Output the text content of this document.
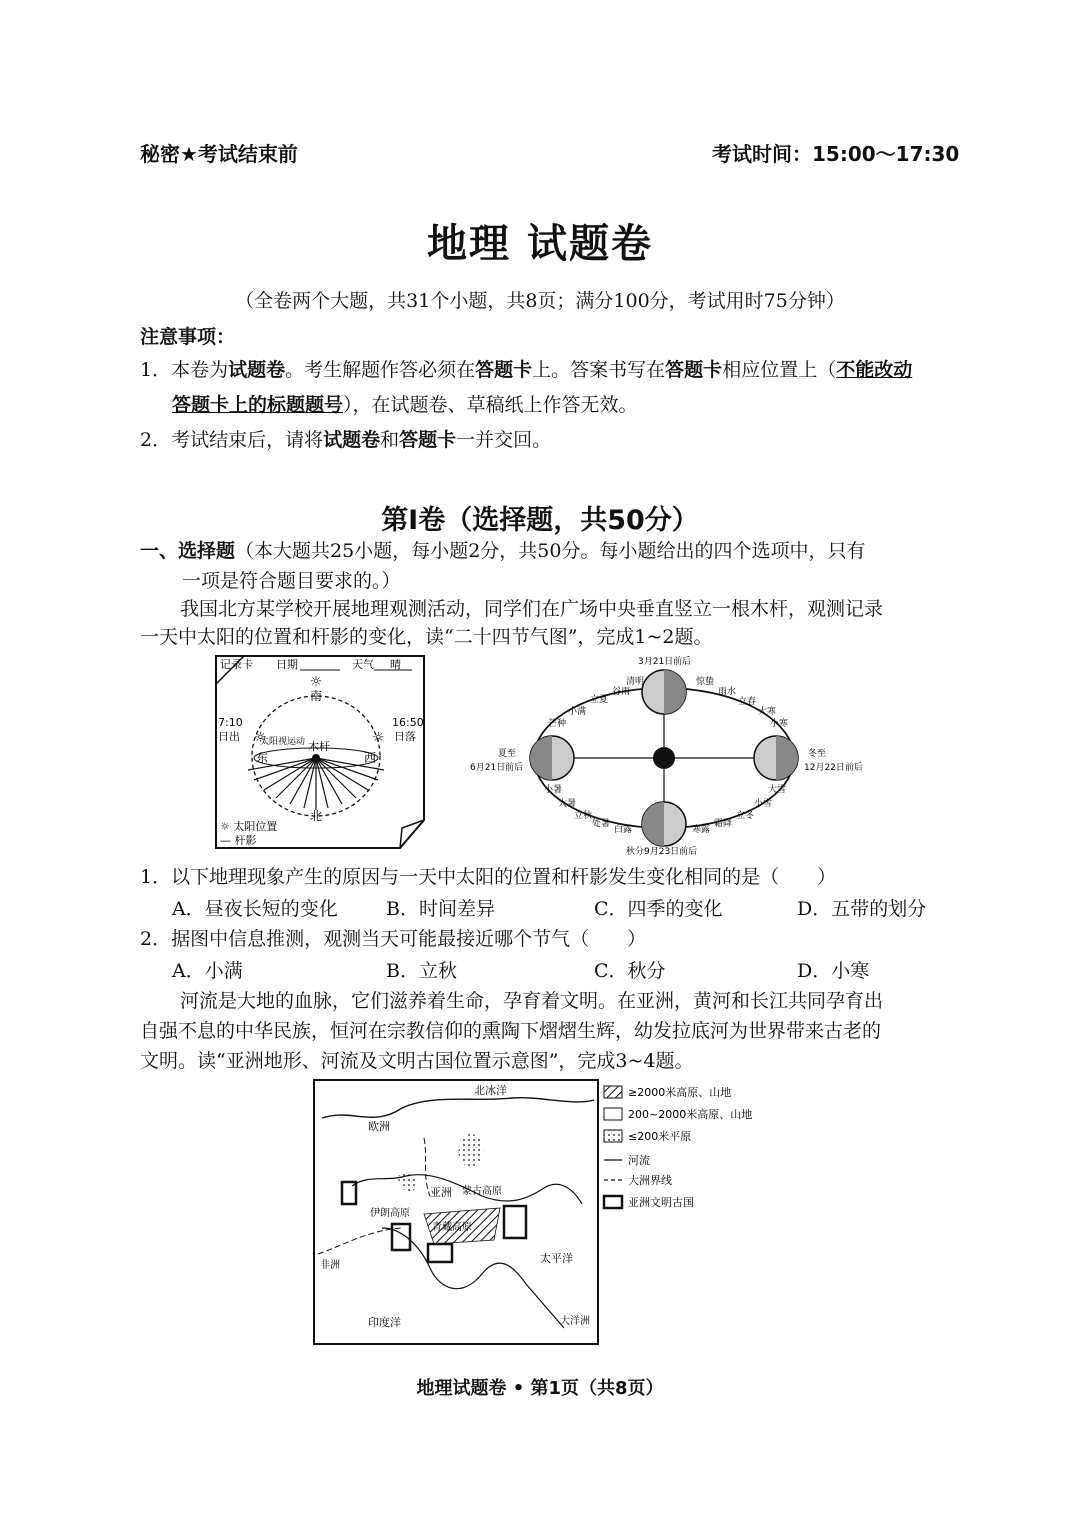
秘密★考试结束前	考试时间：15:00～17:30
地理 试题卷
（全卷两个大题，共31个小题，共8页；满分100分，考试用时75分钟）
注意事项：
1．本卷为试题卷。考生解题作答必须在答题卡上。答案书写在答题卡相应位置上（不能改动
答题卡上的标题题号），在试题卷、草稿纸上作答无效。
2．考试结束后，请将试题卷和答题卡一并交回。
第Ⅰ卷（选择题，共50分）
一、选择题（本大题共25小题，每小题2分，共50分。每小题给出的四个选项中，只有
一项是符合题目要求的。）
我国北方某学校开展地理观测活动，同学们在广场中央垂直竖立一根木杆，观测记录
一天中太阳的位置和杆影的变化，读“二十四节气图”，完成1~2题。
记录卡 日期	天气 晴
南
北
东	西
7:10
日出
16:50
日落
木杆
太阳视运动
☼
☼	☼
☼ 太阳位置
— 杆影
3月21日前后
夏至
6月21日前后
冬至
12月22日前后
秋分 9月23日前后
谷雨
立夏
小满
芒种
清明	惊蛰
雨水
立春
大寒
小寒
小暑
大暑
立秋
处暑
白露
大雪
小雪
立冬
霜降
寒露
1．以下地理现象产生的原因与一天中太阳的位置和杆影发生变化相同的是（　　）
A．昼夜长短的变化	B．时间差异	C．四季的变化	D．五带的划分
2．据图中信息推测，观测当天可能最接近哪个节气（　　）
A．小满	B．立秋	C．秋分	D．小寒
河流是大地的血脉，它们滋养着生命，孕育着文明。在亚洲，黄河和长江共同孕育出
自强不息的中华民族，恒河在宗教信仰的熏陶下熠熠生辉，幼发拉底河为世界带来古老的
文明。读“亚洲地形、河流及文明古国位置示意图”，完成3~4题。
北冰洋
欧洲
亚洲 蒙古高原
伊朗高原
青藏高原
非洲
太平洋
印度洋	大洋洲
≥2000米高原、山地
200~2000米高原、山地
≤200米平原
河流
大洲界线
亚洲文明古国
地理试题卷 • 第1页（共8页）
